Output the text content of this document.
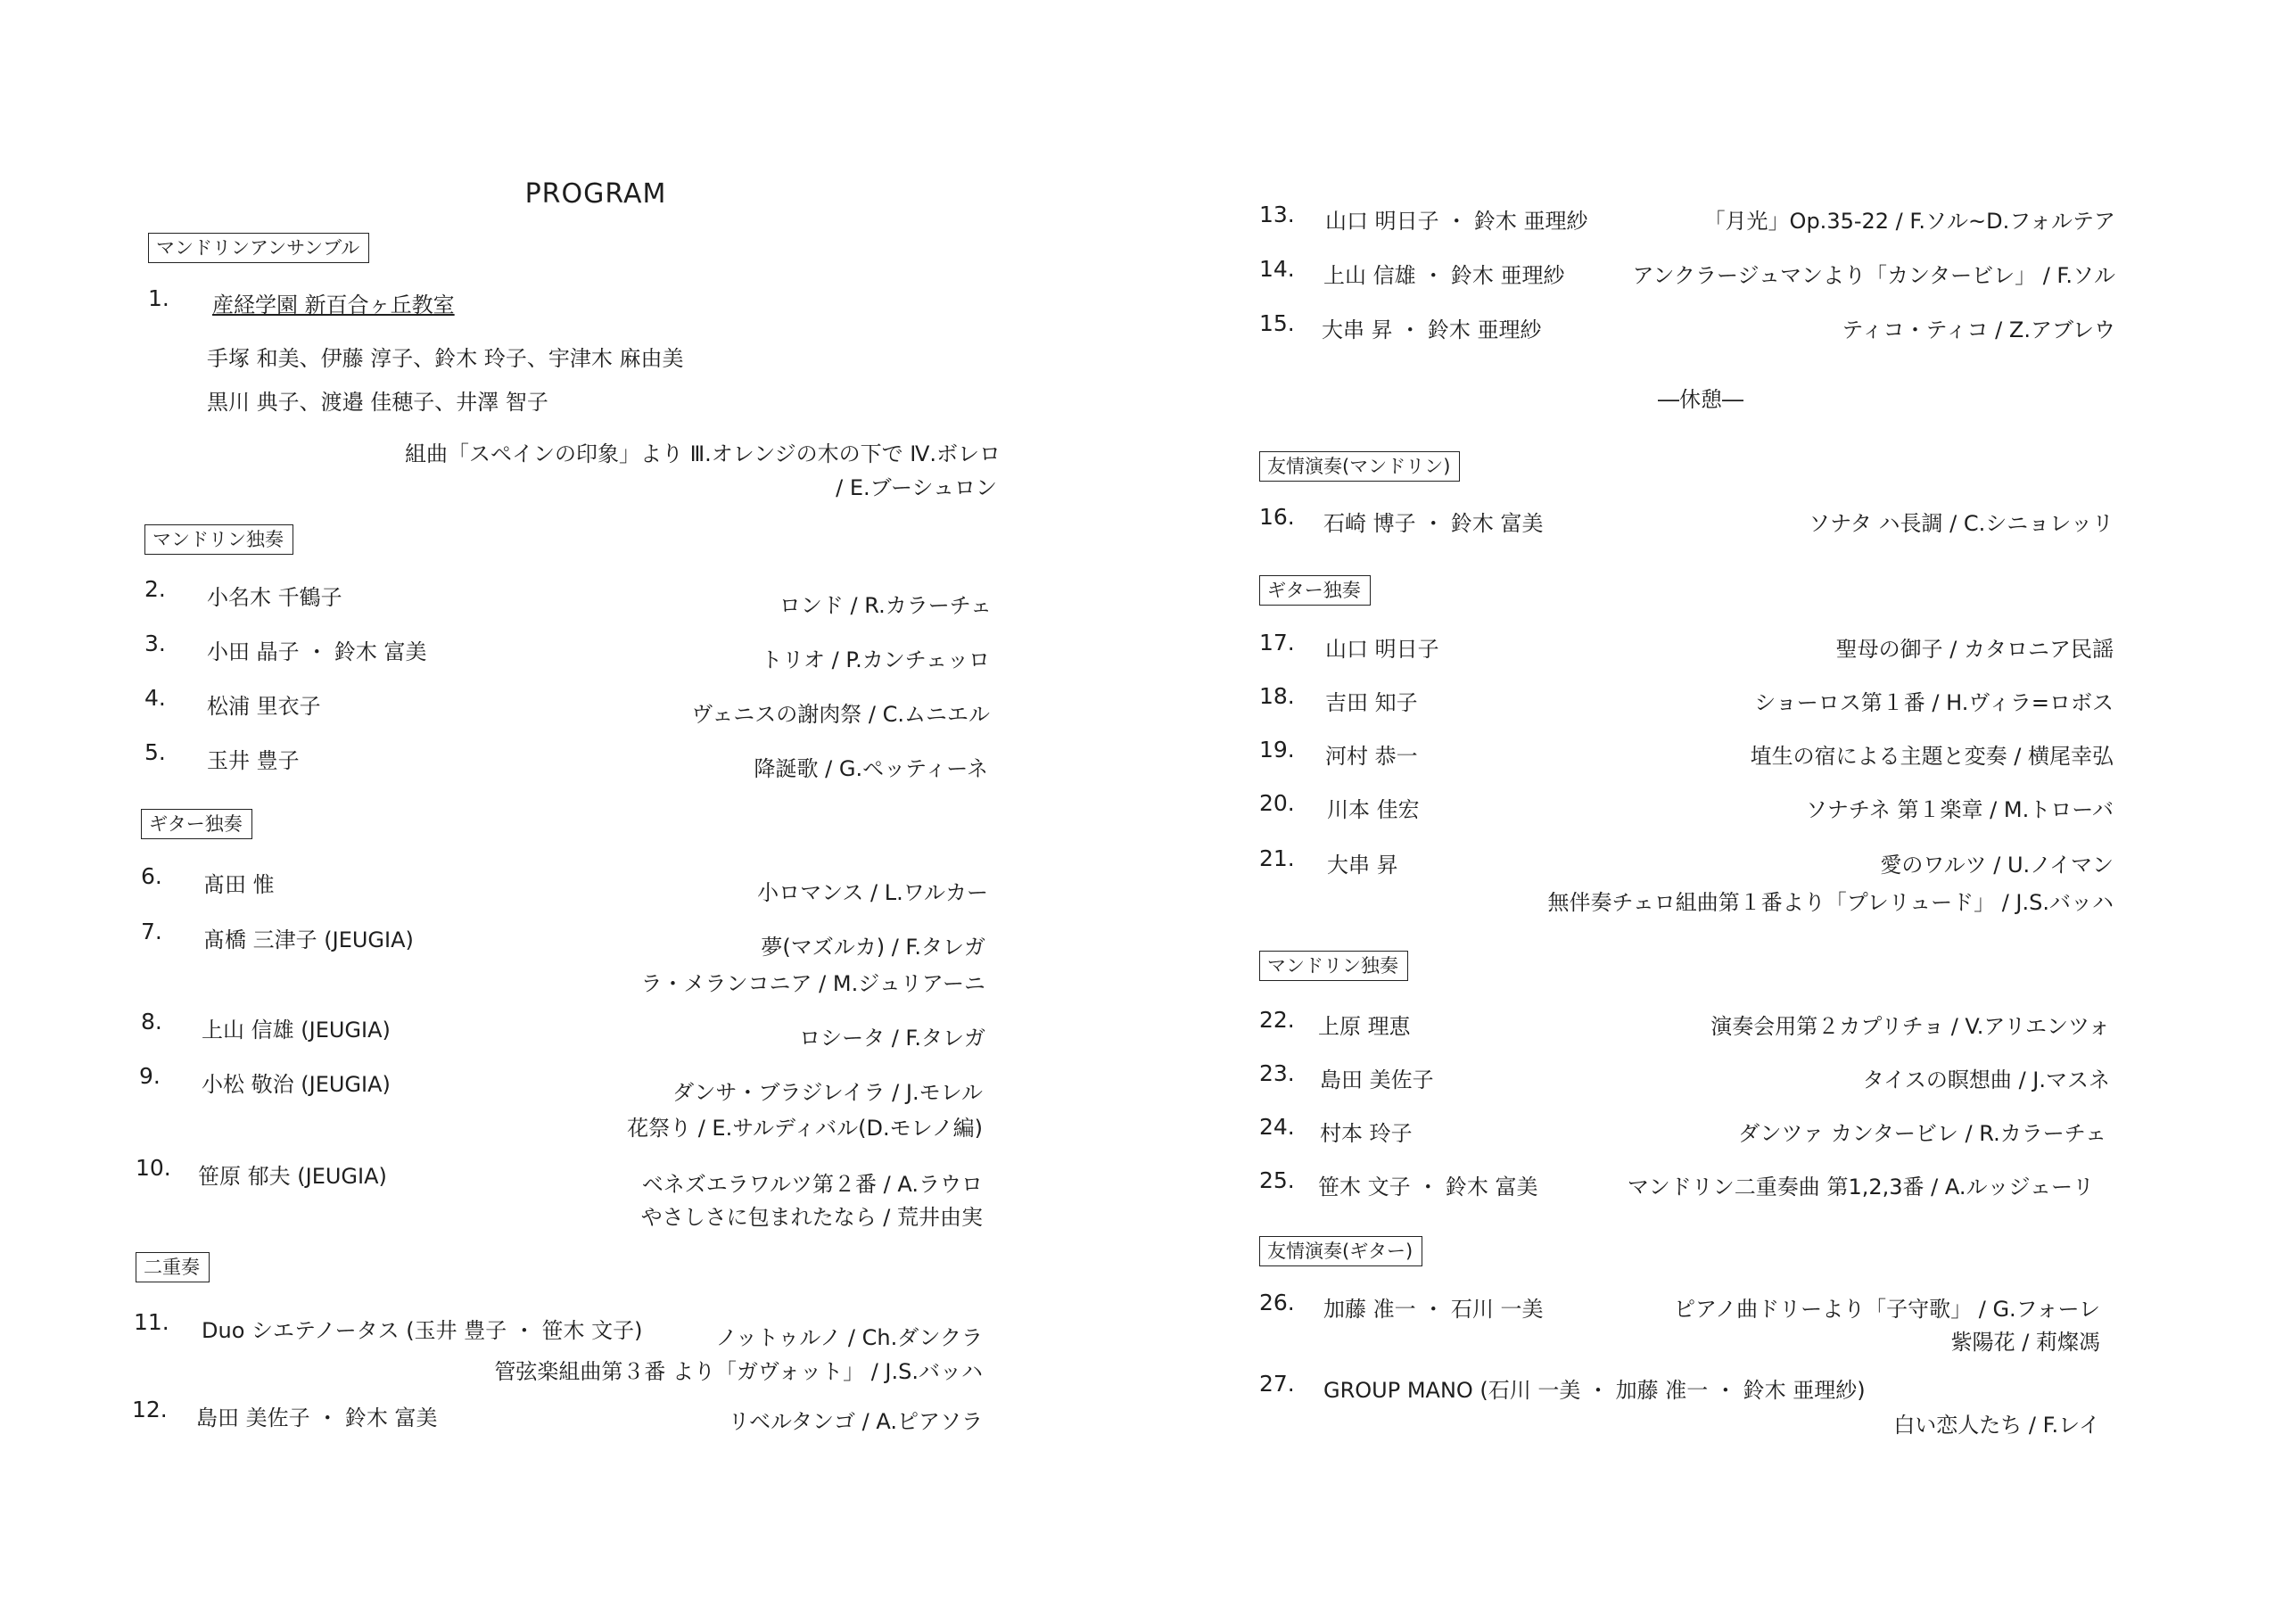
PROGRAM
マンドリンアンサンブル
1. 産経学園 新百合ヶ丘教室
手塚 和美、伊藤 淳子、鈴木 玲子、宇津木 麻由美
黒川 典子、渡邉 佳穂子、井澤 智子
組曲「スペインの印象」より Ⅲ.オレンジの木の下で Ⅳ.ボレロ
/ E.ブーシュロン
マンドリン独奏
2. 小名木 千鶴子	ロンド / R.カラーチェ
3. 小田 晶子 ・ 鈴木 富美	トリオ / P.カンチェッロ
4. 松浦 里衣子	ヴェニスの謝肉祭 / C.ムニエル
5. 玉井 豊子	降誕歌 / G.ペッティーネ
ギター独奏
6. 髙田 惟	小ロマンス / L.ワルカー
7. 髙橋 三津子 (JEUGIA)	夢(マズルカ) / F.タレガ
ラ・メランコニア / M.ジュリアーニ
8. 上山 信雄 (JEUGIA)	ロシータ / F.タレガ
9. 小松 敬治 (JEUGIA)	ダンサ・ブラジレイラ / J.モレル
花祭り / E.サルディバル(D.モレノ編)
10. 笹原 郁夫 (JEUGIA)	ベネズエラワルツ第２番 / A.ラウロ
やさしさに包まれたなら / 荒井由実
二重奏
11. Duo シエテノータス (玉井 豊子 ・ 笹木 文子)	ノットゥルノ / Ch.ダンクラ
管弦楽組曲第３番 より「ガヴォット」 / J.S.バッハ
12. 島田 美佐子 ・ 鈴木 富美	リベルタンゴ / A.ピアソラ
13. 山口 明日子 ・ 鈴木 亜理紗	「月光」Op.35-22 / F.ソル~D.フォルテア
14. 上山 信雄 ・ 鈴木 亜理紗	アンクラージュマンより「カンタービレ」 / F.ソル
15. 大串 昇 ・ 鈴木 亜理紗	ティコ・ティコ / Z.アブレウ
―休憩―
友情演奏(マンドリン)
16. 石崎 博子 ・ 鈴木 富美	ソナタ ハ長調 / C.シニョレッリ
ギター独奏
17. 山口 明日子	聖母の御子 / カタロニア民謡
18. 吉田 知子	ショーロス第１番 / H.ヴィラ=ロボス
19. 河村 恭一	埴生の宿による主題と変奏 / 横尾幸弘
20. 川本 佳宏	ソナチネ 第１楽章 / M.トローバ
21. 大串 昇	愛のワルツ / U.ノイマン
無伴奏チェロ組曲第１番より「プレリュード」 / J.S.バッハ
マンドリン独奏
22. 上原 理恵	演奏会用第２カプリチョ / V.アリエンツォ
23. 島田 美佐子	タイスの瞑想曲 / J.マスネ
24. 村本 玲子	ダンツァ カンタービレ / R.カラーチェ
25. 笹木 文子 ・ 鈴木 富美	マンドリン二重奏曲 第1,2,3番 / A.ルッジェーリ
友情演奏(ギター)
26. 加藤 准一 ・ 石川 一美	ピアノ曲ドリーより「子守歌」 / G.フォーレ
紫陽花 / 莉燦馮
27. GROUP MANO (石川 一美 ・ 加藤 准一 ・ 鈴木 亜理紗)
白い恋人たち / F.レイ
